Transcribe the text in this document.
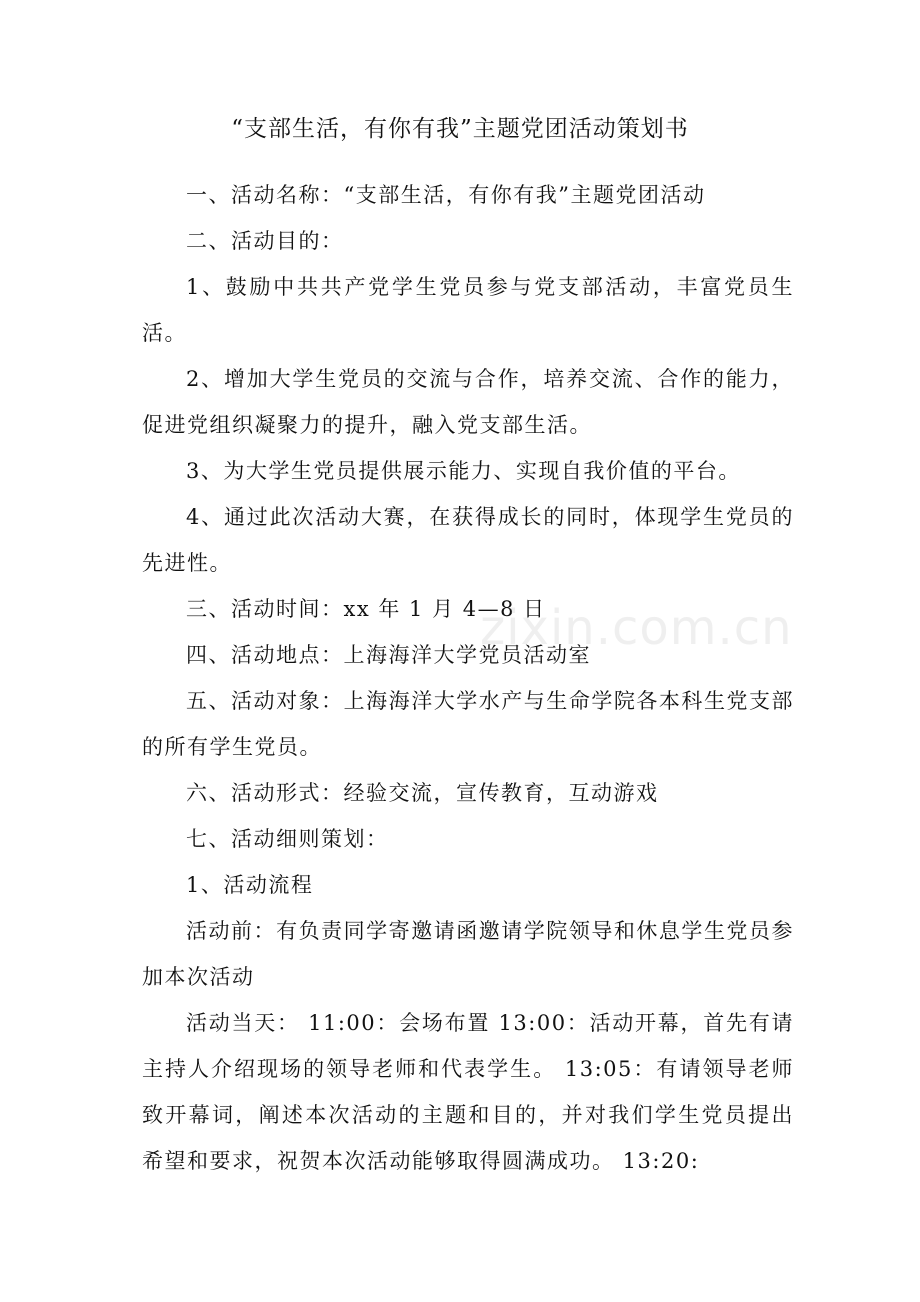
“支部生活，有你有我”主题党团活动策划书

一、活动名称：“支部生活，有你有我”主题党团活动

二、活动目的：

1、鼓励中共共产党学生党员参与党支部活动，丰富党员生活。

2、增加大学生党员的交流与合作，培养交流、合作的能力，促进党组织凝聚力的提升，融入党支部生活。

3、为大学生党员提供展示能力、实现自我价值的平台。

4、通过此次活动大赛，在获得成长的同时，体现学生党员的先进性。

三、活动时间：xx 年 1 月 4—8 日

四、活动地点：上海海洋大学党员活动室

五、活动对象：上海海洋大学水产与生命学院各本科生党支部的所有学生党员。

六、活动形式：经验交流，宣传教育，互动游戏

七、活动细则策划：

1、活动流程

活动前：有负责同学寄邀请函邀请学院领导和休息学生党员参加本次活动

活动当天： 11:00：会场布置 13:00：活动开幕，首先有请主持人介绍现场的领导老师和代表学生。 13:05：有请领导老师致开幕词，阐述本次活动的主题和目的，并对我们学生党员提出希望和要求，祝贺本次活动能够取得圆满成功。 13:20:

zixin.com.cn
